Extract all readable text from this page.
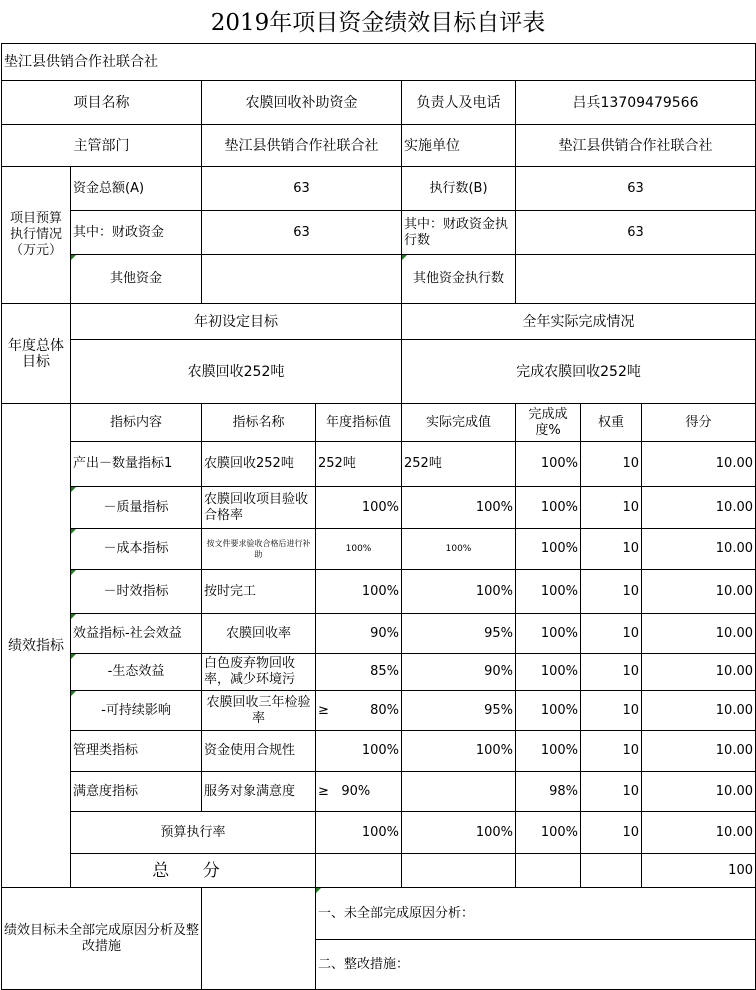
2019年项目资金绩效目标自评表
垫江县供销合作社联合社								
项目名称		农膜回收补助资金		负责人及电话	吕兵13709479566			
主管部门		垫江县供销合作社联合社		实施单位	垫江县供销合作社联合社			
项目预算执行情况（万元）	资金总额(A)	63		执行数(B)	63			
	其中：财政资金	63		其中：财政资金执行数	63			
	其他资金			其他资金执行数				
年度总体目标	年初设定目标			全年实际完成情况				
	农膜回收252吨			完成农膜回收252吨				
绩效指标	指标内容	指标名称	年度指标值	实际完成值	完成成度%	权重	得分	
	产出－数量指标1	农膜回收252吨	252吨	252吨	100%	10	10.00	
	－质量指标	农膜回收项目验收合格率	100%	100%	100%	10	10.00	
	－成本指标	按文件要求验收合格后进行补助	100%	100%	100%	10	10.00	
	－时效指标	按时完工	100%	100%	100%	10	10.00	
	效益指标-社会效益	农膜回收率	90%	95%	100%	10	10.00	
	-生态效益	白色废弃物回收率，减少环境污	85%	90%	100%	10	10.00	
	-可持续影响	农膜回收三年检验率	≥ 80%	95%	100%	10	10.00	
	管理类指标	资金使用合规性	100%	100%	100%	10	10.00	
	满意度指标	服务对象满意度	≥ 90%		98%	10	10.00	
	预算执行率		100%	100%	100%	10	10.00	
	总 分						100	
绩效目标未全部完成原因分析及整改措施			一、未全部完成原因分析：					
			二、整改措施：					
